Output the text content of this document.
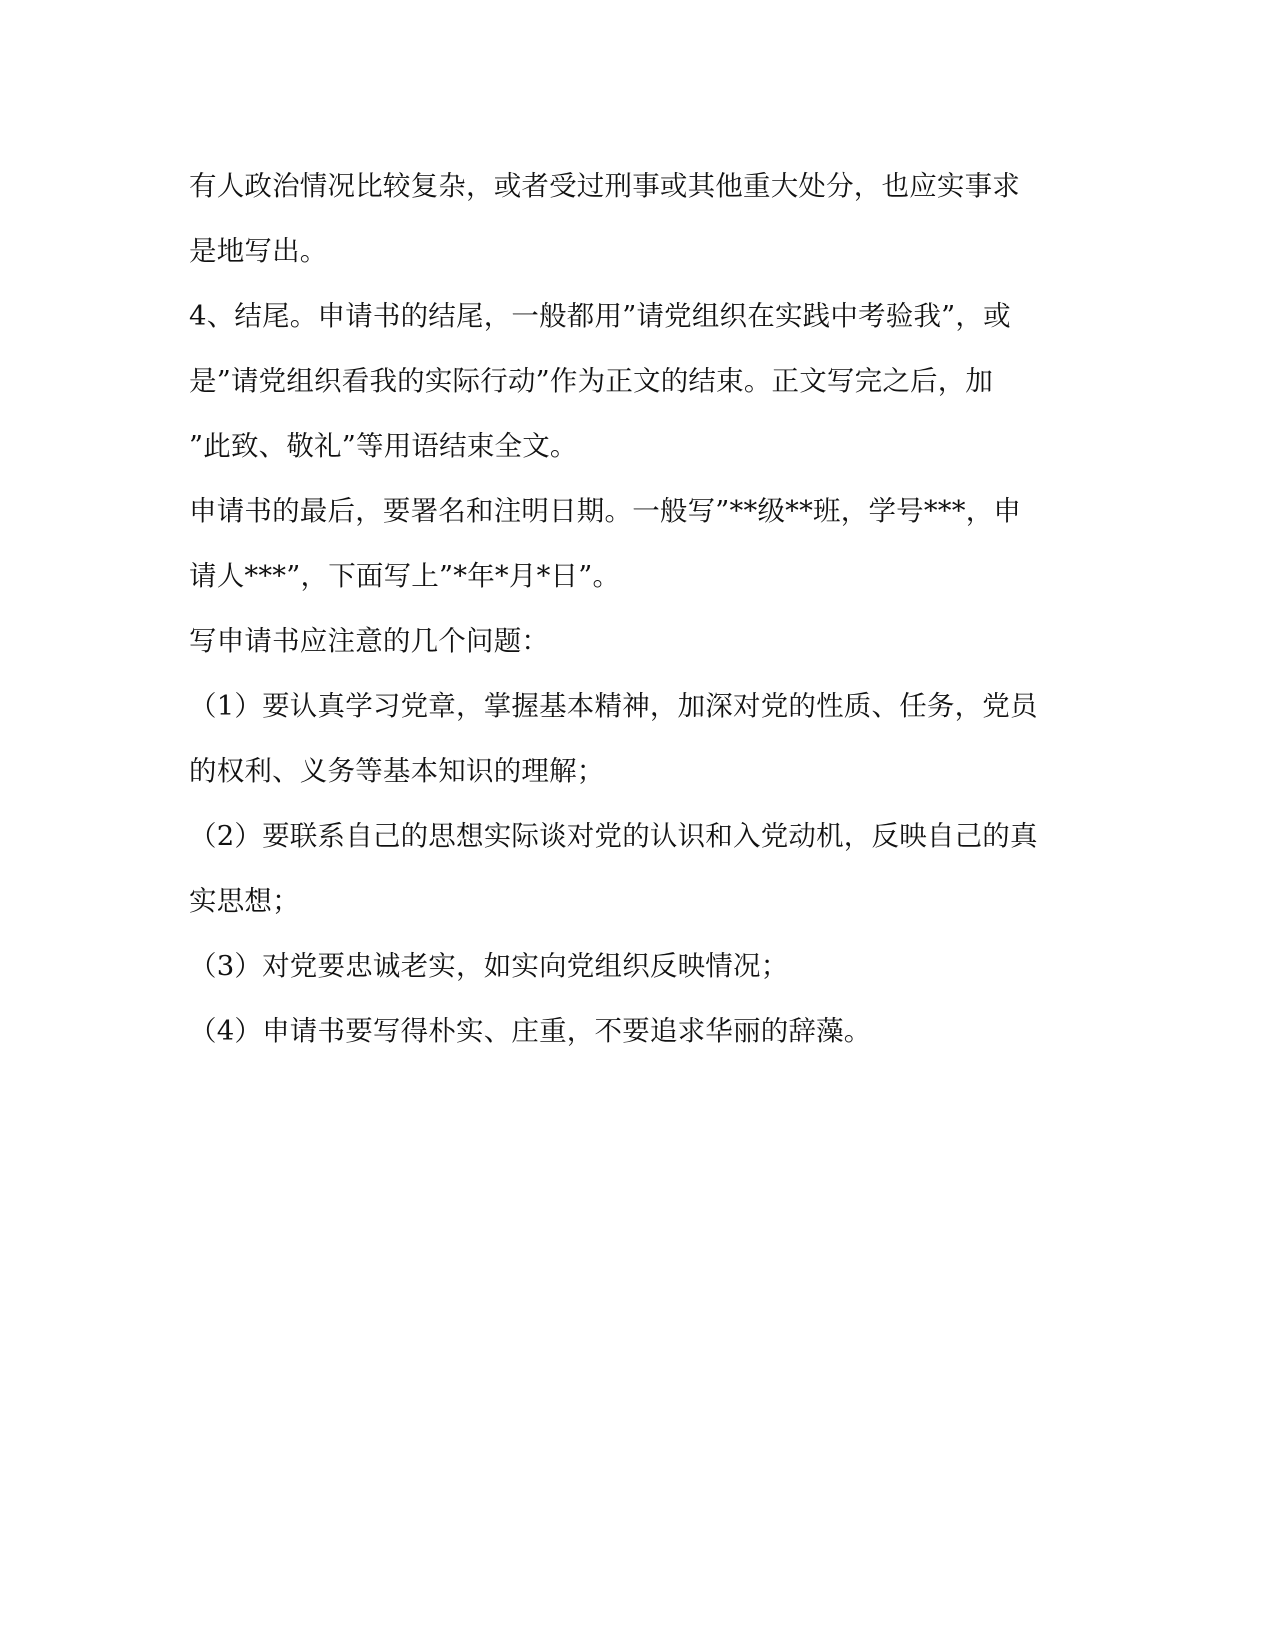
有人政治情况比较复杂，或者受过刑事或其他重大处分，也应实事求
是地写出。
4、结尾。申请书的结尾，一般都用”请党组织在实践中考验我”，或
是”请党组织看我的实际行动”作为正文的结束。正文写完之后，加
”此致、敬礼”等用语结束全文。
申请书的最后，要署名和注明日期。一般写”**级**班，学号***，申
请人***”，下面写上”*年*月*日”。
写申请书应注意的几个问题：
（1）要认真学习党章，掌握基本精神，加深对党的性质、任务，党员
的权利、义务等基本知识的理解；
（2）要联系自己的思想实际谈对党的认识和入党动机，反映自己的真
实思想；
（3）对党要忠诚老实，如实向党组织反映情况；
（4）申请书要写得朴实、庄重，不要追求华丽的辞藻。
